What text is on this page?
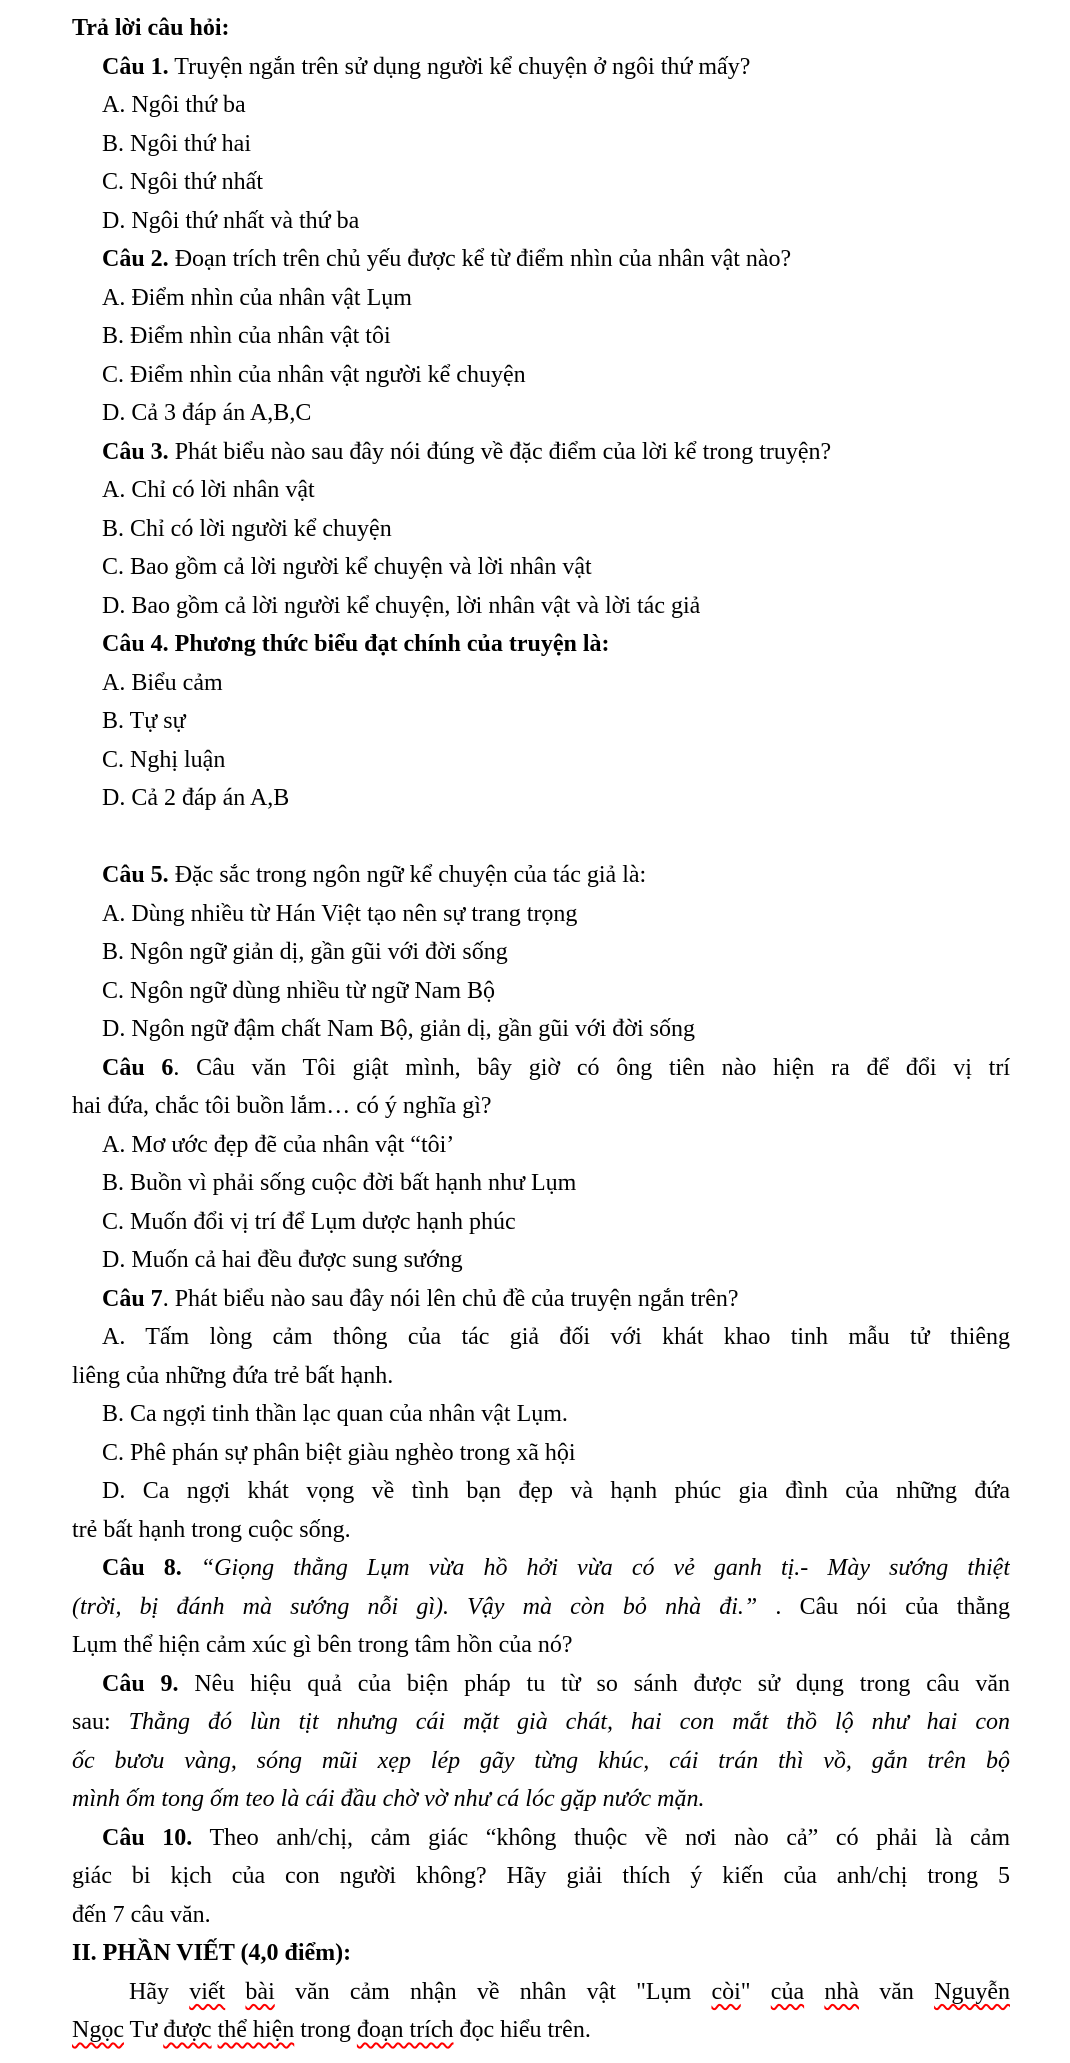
Trả lời câu hỏi:

Câu 1. Truyện ngắn trên sử dụng người kể chuyện ở ngôi thứ mấy?

A. Ngôi thứ ba

B. Ngôi thứ hai

C. Ngôi thứ nhất

D. Ngôi thứ nhất và thứ ba

Câu 2. Đoạn trích trên chủ yếu được kể từ điểm nhìn của nhân vật nào?

A. Điểm nhìn của nhân vật Lụm

B. Điểm nhìn của nhân vật tôi

C. Điểm nhìn của nhân vật người kể chuyện

D. Cả 3 đáp án A,B,C

Câu 3. Phát biểu nào sau đây nói đúng về đặc điểm của lời kể trong truyện?

A. Chỉ có lời nhân vật

B. Chỉ có lời người kể chuyện

C. Bao gồm cả lời người kể chuyện và lời nhân vật

D. Bao gồm cả lời người kể chuyện, lời nhân vật và lời tác giả

Câu 4. Phương thức biểu đạt chính của truyện là:

A. Biểu cảm

B. Tự sự

C. Nghị luận

D. Cả 2 đáp án A,B

Câu 5. Đặc sắc trong ngôn ngữ kể chuyện của tác giả là:

A. Dùng nhiều từ Hán Việt tạo nên sự trang trọng

B. Ngôn ngữ giản dị, gần gũi với đời sống

C. Ngôn ngữ dùng nhiều từ ngữ Nam Bộ

D. Ngôn ngữ đậm chất Nam Bộ, giản dị, gần gũi với đời sống

Câu 6. Câu văn Tôi giật mình, bây giờ có ông tiên nào hiện ra để đổi vị trí

hai đứa, chắc tôi buồn lắm… có ý nghĩa gì?

A. Mơ ước đẹp đẽ của nhân vật “tôi’

B. Buồn vì phải sống cuộc đời bất hạnh như Lụm

C. Muốn đổi vị trí để Lụm dược hạnh phúc

D. Muốn cả hai đều được sung sướng

Câu 7. Phát biểu nào sau đây nói lên chủ đề của truyện ngắn trên?

A. Tấm lòng cảm thông của tác giả đối với khát khao tinh mẫu tử thiêng

liêng của những đứa trẻ bất hạnh.

B. Ca ngợi tinh thần lạc quan của nhân vật Lụm.

C. Phê phán sự phân biệt giàu nghèo trong xã hội

D. Ca ngợi khát vọng về tình bạn đẹp và hạnh phúc gia đình của những đứa

trẻ bất hạnh trong cuộc sống.

Câu 8. “Giọng thằng Lụm vừa hồ hởi vừa có vẻ ganh tị.- Mày sướng thiệt

(trời, bị đánh mà sướng nỗi gì). Vậy mà còn bỏ nhà đi.” . Câu nói của thằng

Lụm thể hiện cảm xúc gì bên trong tâm hồn của nó?

Câu 9. Nêu hiệu quả của biện pháp tu từ so sánh được sử dụng trong câu văn

sau: Thằng đó lùn tịt nhưng cái mặt già chát, hai con mắt thồ lộ như hai con

ốc bươu vàng, sóng mũi xẹp lép gãy từng khúc, cái trán thì vồ, gắn trên bộ

mình ốm tong ốm teo là cái đầu chờ vờ như cá lóc gặp nước mặn.

Câu 10. Theo anh/chị, cảm giác “không thuộc về nơi nào cả” có phải là cảm

giác bi kịch của con người không? Hãy giải thích ý kiến của anh/chị trong 5

đến 7 câu văn.

II. PHẦN VIẾT (4,0 điểm):

Hãy viết bài văn cảm nhận về nhân vật "Lụm còi" của nhà văn Nguyễn

Ngọc Tư được thể hiện trong đoạn trích đọc hiểu trên.
